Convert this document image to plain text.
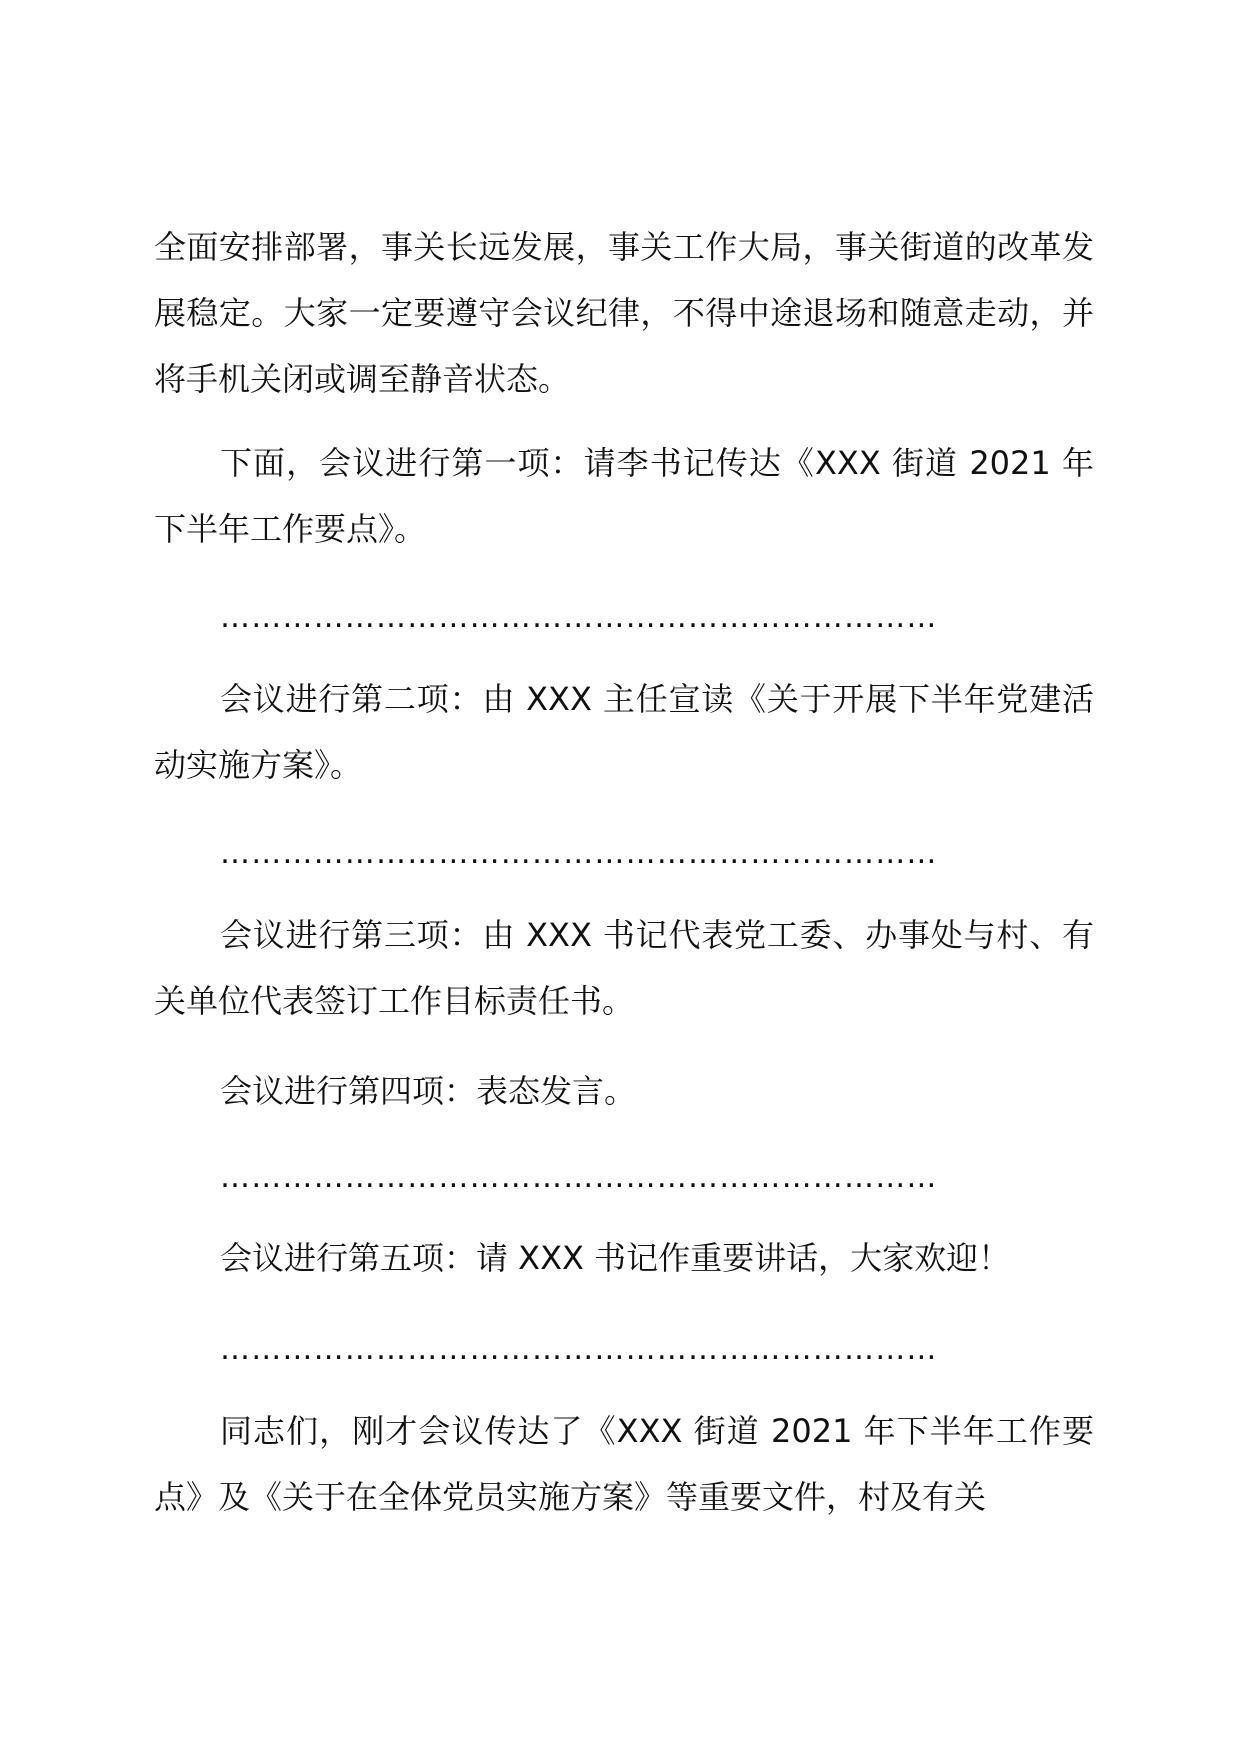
全面安排部署，事关长远发展，事关工作大局，事关街道的改革发展稳定。大家一定要遵守会议纪律，不得中途退场和随意走动，并将手机关闭或调至静音状态。
下面，会议进行第一项：请李书记传达《XXX 街道 2021 年下半年工作要点》。
……………………………………………………………
会议进行第二项：由 XXX 主任宣读《关于开展下半年党建活动实施方案》。
……………………………………………………………
会议进行第三项：由 XXX 书记代表党工委、办事处与村、有关单位代表签订工作目标责任书。
会议进行第四项：表态发言。
……………………………………………………………
会议进行第五项：请 XXX 书记作重要讲话，大家欢迎！
……………………………………………………………
同志们，刚才会议传达了《XXX 街道 2021 年下半年工作要点》及《关于在全体党员实施方案》等重要文件，村及有关
